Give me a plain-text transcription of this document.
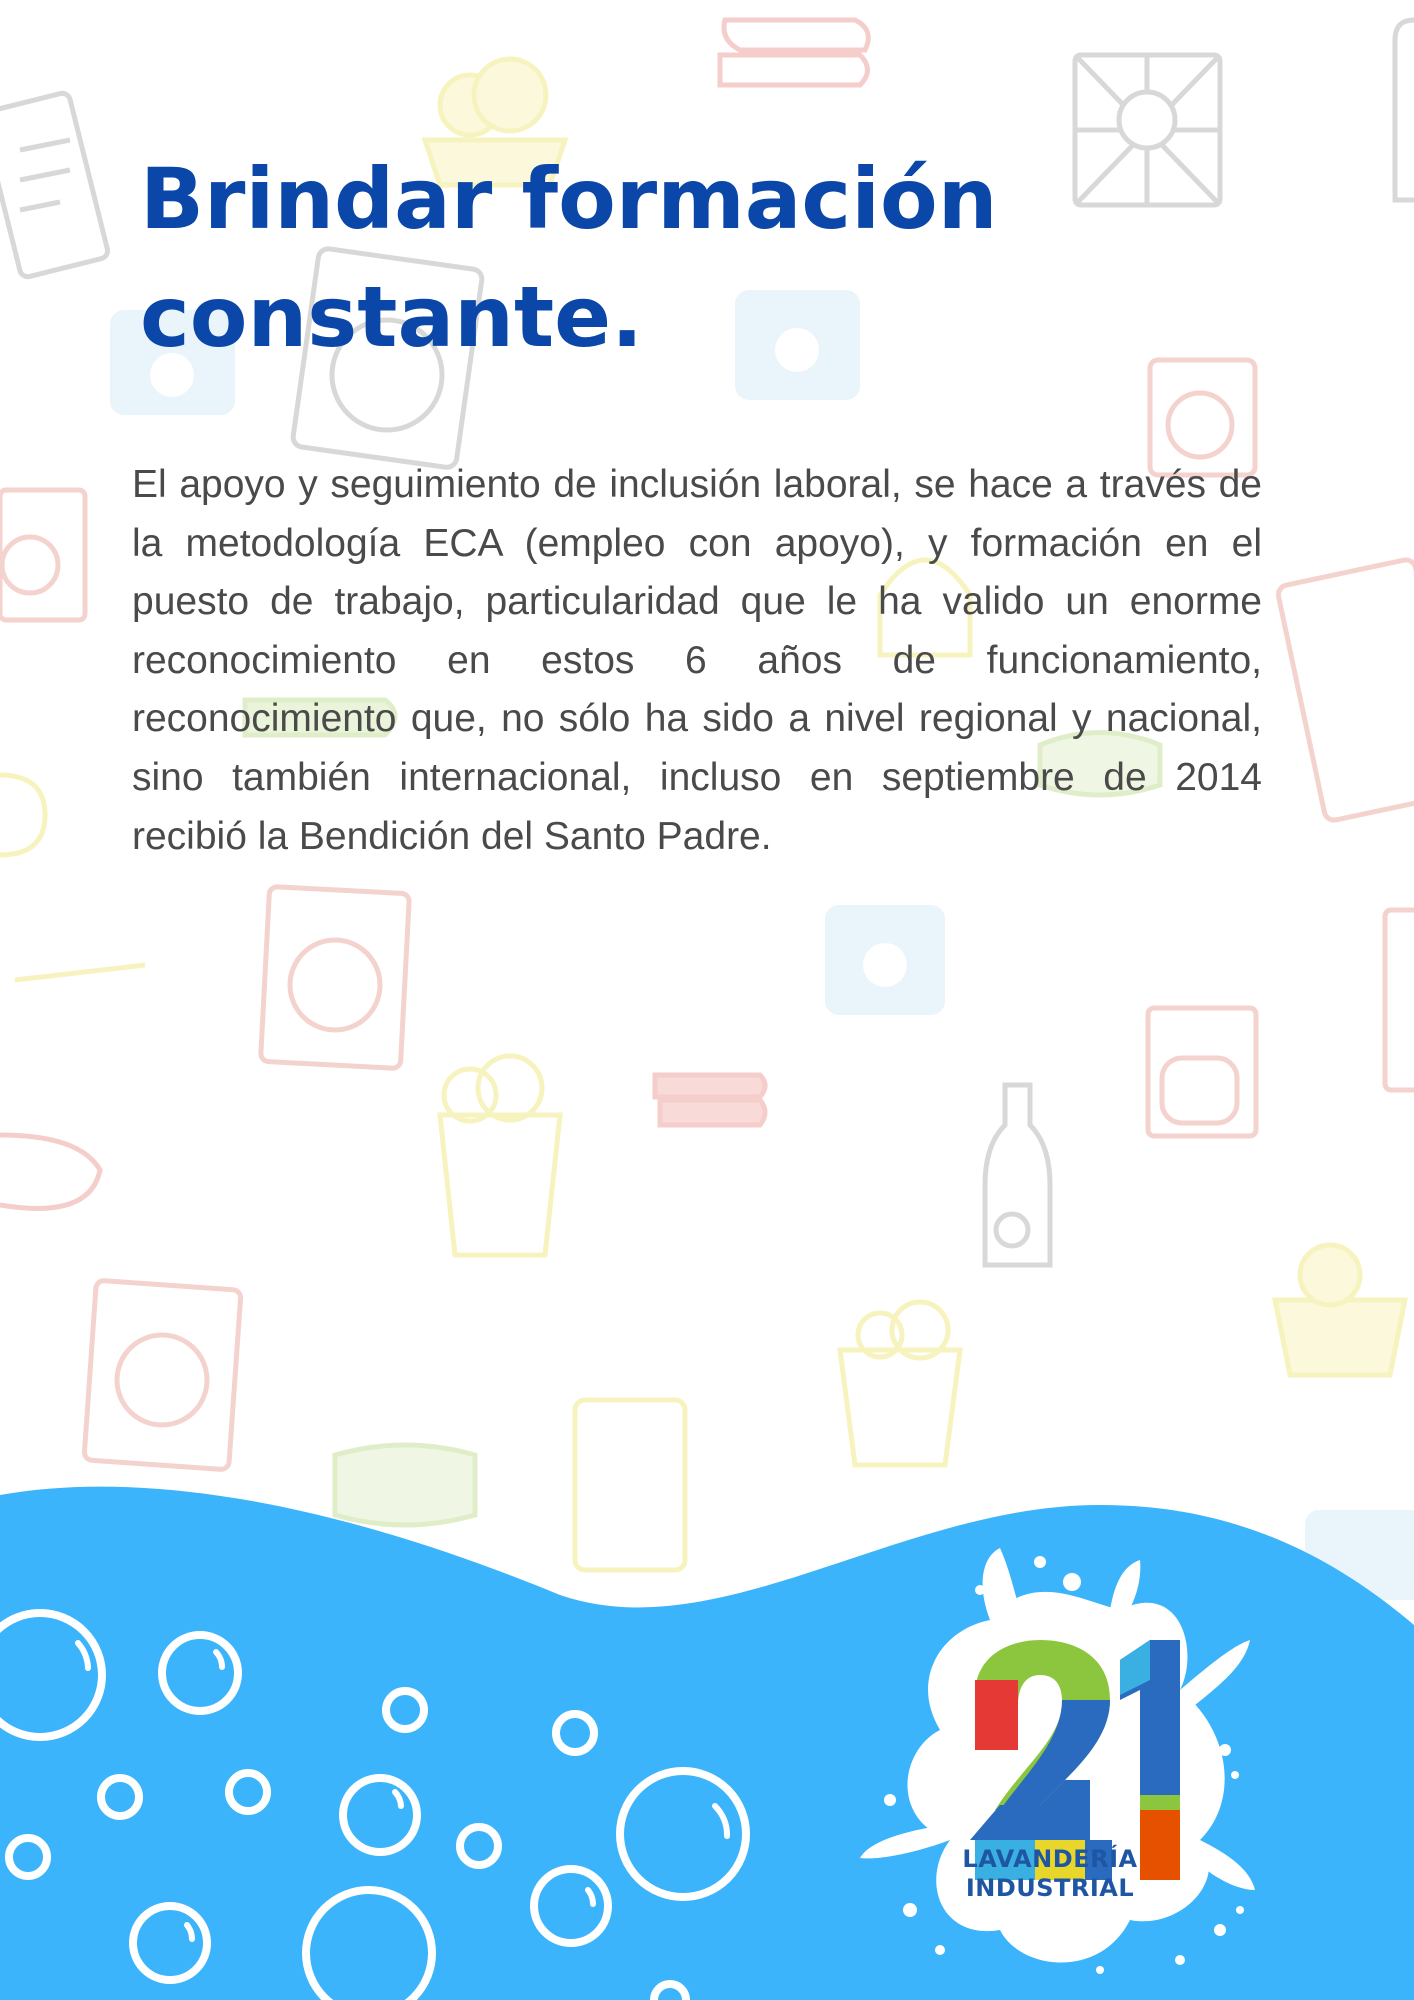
Brindar formación
constante.

El apoyo y seguimiento de inclusión laboral, se hace a través de la metodología ECA (empleo con apoyo), y formación en el puesto de trabajo, particularidad que le ha valido un enorme reconocimiento en estos 6 años de funcionamiento, reconocimiento que, no sólo ha sido a nivel regional y nacional, sino también internacional, incluso en septiembre de 2014 recibió la Bendición del Santo Padre.

LAVANDERÍA
INDUSTRIAL
